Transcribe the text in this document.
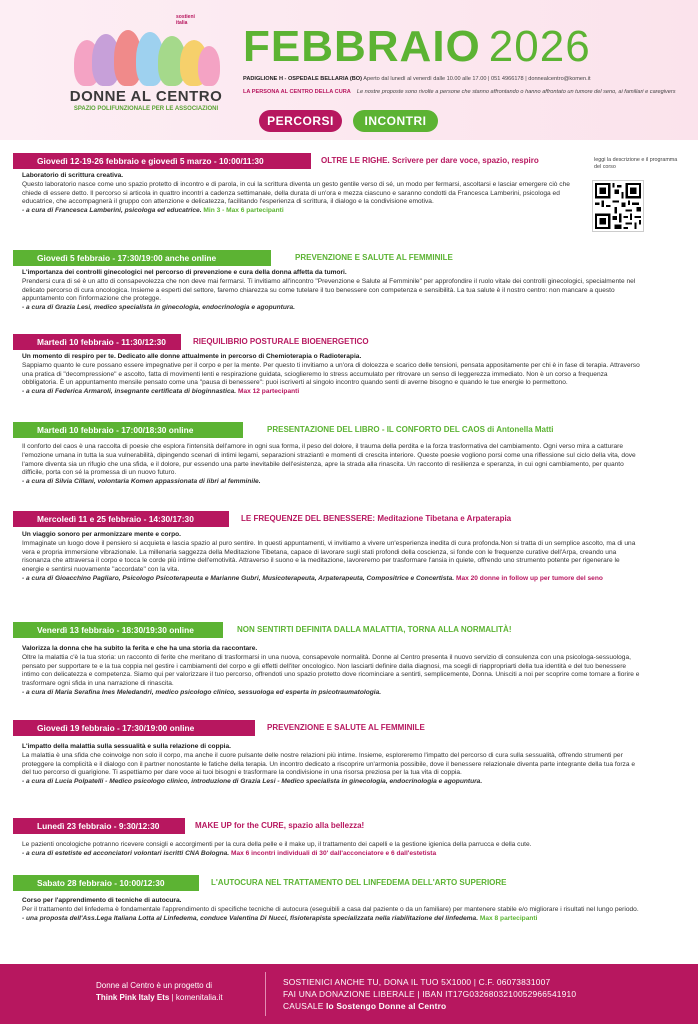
DONNE AL CENTRO
SPAZIO POLIFUNZIONALE PER LE ASSOCIAZIONI
sostieni italia	FEBBRAIO 2026
PADIGLIONE H - OSPEDALE BELLARIA (BO) Aperto dal lunedì al venerdì dalle 10.00 alle 17.00 | 051 4966178 | donnealcentro@komen.it
LA PERSONA AL CENTRO DELLA CURA Le nostre proposte sono rivolte a persone che stanno affrontando o hanno affrontato un tumore del seno, ai familiari e caregivers
PERCORSI	INCONTRI
leggi la descrizione e il programma del corso
Giovedì 12-19-26 febbraio e giovedì 5 marzo - 10:00/11:30	OLTRE LE RIGHE. Scrivere per dare voce, spazio, respiro
Laboratorio di scrittura creativa.
Questo laboratorio nasce come uno spazio protetto di incontro e di parola, in cui la scrittura diventa un gesto gentile verso di sé, un modo per fermarsi, ascoltarsi e lasciar emergere ciò che chiede di essere detto. Il percorso si articola in quattro incontri a cadenza settimanale, della durata di un'ora e mezza ciascuno e saranno condotti da Francesca Lamberini, psicologa ed educatrice, che accompagnerà il gruppo con attenzione e delicatezza, facilitando l'esperienza di scrittura, il dialogo e la condivisione emotiva.
- a cura di Francesca Lamberini, psicologa ed educatrice. Min 3 - Max 6 partecipanti
Giovedì 5 febbraio - 17:30/19:00 anche online	PREVENZIONE E SALUTE AL FEMMINILE
L'importanza dei controlli ginecologici nel percorso di prevenzione e cura della donna affetta da tumori.
Prendersi cura di sé è un atto di consapevolezza che non deve mai fermarsi. Ti invitiamo all'incontro "Prevenzione e Salute al Femminile" per approfondire il ruolo vitale dei controlli ginecologici, specialmente nel delicato percorso di cura oncologica. Insieme a esperti del settore, faremo chiarezza su come tutelare il tuo benessere con competenza e sensibilità. La tua salute è il nostro centro: non mancare a questo appuntamento con l'informazione che protegge.
- a cura di Grazia Lesi, medico specialista in ginecologia, endocrinologia e agopuntura.
Martedì 10 febbraio - 11:30/12:30	RIEQUILIBRIO POSTURALE BIOENERGETICO
Un momento di respiro per te. Dedicato alle donne attualmente in percorso di Chemioterapia o Radioterapia.
Sappiamo quanto le cure possano essere impegnative per il corpo e per la mente. Per questo ti invitiamo a un'ora di dolcezza e scarico delle tensioni, pensata appositamente per chi è in fase di terapia. Attraverso una pratica di "decompressione" e ascolto, fatta di movimenti lenti e respirazione guidata, scioglieremo lo stress accumulato per ritrovare un senso di leggerezza immediato. Non è un corso a frequenza obbligatoria. È un appuntamento mensile pensato come una "pausa di benessere": puoi iscriverti al singolo incontro quando senti di averne bisogno e quando le tue energie lo permettono.
- a cura di Federica Armaroli, insegnante certificata di bioginnastica. Max 12 partecipanti
Martedì 10 febbraio - 17:00/18:30 online	PRESENTAZIONE DEL LIBRO - IL CONFORTO DEL CAOS di Antonella Matti
Il conforto del caos è una raccolta di poesie che esplora l'intensità dell'amore in ogni sua forma, il peso del dolore, il trauma della perdita e la forza trasformativa del cambiamento. Ogni verso mira a catturare l'emozione umana in tutta la sua vulnerabilità, dipingendo scenari di intimi legami, separazioni straziantì e momenti di crescita interiore. Queste poesie vogliono porsi come una riflessione sul ciclo della vita, dove l'amore diventa sia un rifugio che una sfida, e il dolore, pur essendo una parte inevitabile dell'esistenza, apre la strada alla rinascita. Un racconto di resilienza e speranza, in cui ogni cambiamento, per quanto difficile, porta con sé la promessa di un nuovo futuro.
- a cura di Silvia Cillani, volontaria Komen appassionata di libri al femminile.
Mercoledì 11 e 25 febbraio - 14:30/17:30	LE FREQUENZE DEL BENESSERE: Meditazione Tibetana e Arpaterapia
Un viaggio sonoro per armonizzare mente e corpo.
Immaginate un luogo dove il pensiero si acquieta e lascia spazio al puro sentire. In questi appuntamenti, vi invitiamo a vivere un'esperienza inedita di cura profonda.Non si tratta di un semplice ascolto, ma di una vera e propria immersione vibrazionale. La millenaria saggezza della Meditazione Tibetana, capace di lavorare sugli stati profondi della coscienza, si fonde con le frequenze curative dell'Arpa, creando una risonanza che attraversa il corpo e tocca le corde più intime dell'emotività. Attraverso il suono e la meditazione, lavoreremo per trasformare l'ansia in quiete, offrendo uno strumento potente per rigenerare le energie e sentirsi nuovamente "accordate" con la vita.
- a cura di Gioacchino Pagliaro, Psicologo Psicoterapeuta e Marianne Gubri, Musicoterapeuta, Arpaterapeuta, Compositrice e Concertista. Max 20 donne in follow up per tumore del seno
Venerdì 13 febbraio - 18:30/19:30 online	NON SENTIRTI DEFINITA DALLA MALATTIA, TORNA ALLA NORMALITÀ!
Valorizza la donna che ha subito la ferita e che ha una storia da raccontare.
Oltre la malattia c'è la tua storia: un racconto di ferite che meritano di trasformarsi in una nuova, consapevole normalità. Donne al Centro presenta il nuovo servizio di consulenza con una psicologa-sessuologa, pensato per supportare te e la tua coppia nel gestire i cambiamenti del corpo e gli effetti dell'iter oncologico. Non lasciarti definire dalla diagnosi, ma scegli di riappropriarti della tua identità e del tuo benessere intimo con delicatezza e competenza. Siamo qui per valorizzare il tuo percorso, offrendoti uno spazio protetto dove ricominciare a sentirti, semplicemente, Donna. Unisciti a noi per scoprire come tornare a fiorire e trasformare ogni sfida in una narrazione di rinascita.
- a cura di Maria Serafina Ines Meledandri, medico psicologo clinico, sessuologa ed esperta in psicotraumatologia.
Giovedì 19 febbraio - 17:30/19:00 online	PREVENZIONE E SALUTE AL FEMMINILE
L'impatto della malattia sulla sessualità e sulla relazione di coppia.
La malattia è una sfida che coinvolge non solo il corpo, ma anche il cuore pulsante delle nostre relazioni più intime. Insieme, esploreremo l'impatto del percorso di cura sulla sessualità, offrendo strumenti per proteggere la complicità e il dialogo con il partner nonostante le fatiche della terapia. Un incontro dedicato a riscoprire un'armonia possibile, dove il benessere relazionale diventa parte integrante della tua forza e del tuo percorso di guarigione. Ti aspettiamo per dare voce ai tuoi bisogni e trasformare la condivisione in una risorsa preziosa per la tua vita di coppia.
- a cura di Lucia Polpatelli - Medico psicologo clinico, introduzione di Grazia Lesi - Medico specialista in ginecologia, endocrinologia e agopuntura.
Lunedì 23 febbraio - 9:30/12:30	MAKE UP for the CURE, spazio alla bellezza!
Le pazienti oncologiche potranno ricevere consigli e accorgimenti per la cura della pelle e il make up, il trattamento dei capelli e la gestione igienica della parrucca e della cute.
- a cura di estetiste ed acconciatori volontari iscritti CNA Bologna. Max 6 incontri individuali di 30' dall'acconciatore e 6 dall'estetista
Sabato 28 febbraio - 10:00/12:30	L'AUTOCURA NEL TRATTAMENTO DEL LINFEDEMA DELL'ARTO SUPERIORE
Corso per l'apprendimento di tecniche di autocura.
Per il trattamento del linfedema è fondamentale l'apprendimento di specifiche tecniche di autocura (eseguibili a casa dal paziente o da un familiare) per mantenere stabile e/o migliorare i risultati nel lungo periodo.
- una proposta dell'Ass.Lega Italiana Lotta al Linfedema, conduce Valentina Di Nucci, fisioterapista specializzata nella riabilitazione del linfedema. Max 8 partecipanti
Donne al Centro è un progetto di
Think Pink Italy Ets | komenitalia.it
SOSTIENICI ANCHE TU, DONA IL TUO 5X1000 | C.F. 06073831007
FAI UNA DONAZIONE LIBERALE | IBAN IT17G0326803210052966541910
CAUSALE Io Sostengo Donne al Centro
